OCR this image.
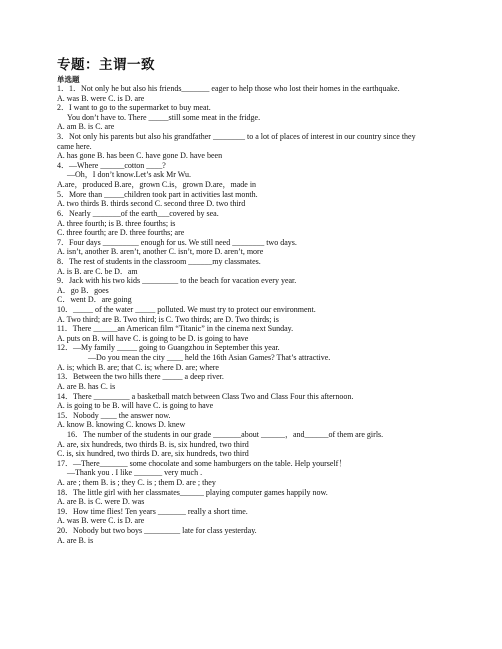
专题：主谓一致
单选题
1．1．Not only he but also his friends_______ eager to help those who lost their homes in the earthquake.
A. was B. were C. is D. are
2．I want to go to the supermarket to buy meat.
You don’t have to. There _____still some meat in the fridge.
A. am B. is C. are
3．Not only his parents but also his grandfather ________ to a lot of places of interest in our country since they
came here.
A. has gone B. has been C. have gone D. have been
4．—Where ______cotton ____?
—Oh，I don’t know.Let’s ask Mr Wu.
A.are，produced B.are，grown C.is，grown D.are，made in
5．More than _____children took part in activities last month.
A. two thirds B. thirds second C. second three D. two third
6．Nearly _______of the earth___covered by sea.
A. three fourth; is B. three fourths; is
C. three fourth; are D. three fourths; are
7．Four days _________ enough for us. We still need ________ two days.
A. isn’t, another B. aren’t, another C. isn’t, more D. aren’t, more
8．The rest of students in the classroom ______my classmates.
A. is B. are C. be D．am
9．Jack with his two kids _________ to the beach for vacation every year.
A．go B．goes
C．went D．are going
10．_____ of the water _____ polluted. We must try to protect our environment.
A. Two third; are B. Two third; is C. Two thirds; are D. Two thirds; is
11．There ______an American film “Titanic” in the cinema next Sunday.
A. puts on B. will have C. is going to be D. is going to have
12．—My family _____ going to Guangzhou in September this year.
—Do you mean the city ____ held the 16th Asian Games? That’s attractive.
A. is; which B. are; that C. is; where D. are; where
13．Between the two hills there _____ a deep river.
A. are B. has C. is
14．There _________ a basketball match between Class Two and Class Four this afternoon.
A. is going to be B. will have C. is going to have
15．Nobody ____ the answer now.
A. know B. knowing C. knows D. knew
16．The number of the students in our grade _______about ______，and______of them are girls.
A. are, six hundreds, two thirds B. is, six hundred, two third
C. is, six hundred, two thirds D. are, six hundreds, two third
17．—There_______ some chocolate and some hamburgers on the table. Help yourself！
—Thank you . I like _______ very much .
A. are ; them B. is ; they C. is ; them D. are ; they
18．The little girl with her classmates______ playing computer games happily now.
A. are B. is C. were D. was
19．How time flies! Ten years _______ really a short time.
A. was B. were C. is D. are
20．Nobody but two boys _________ late for class yesterday.
A. are B. is
